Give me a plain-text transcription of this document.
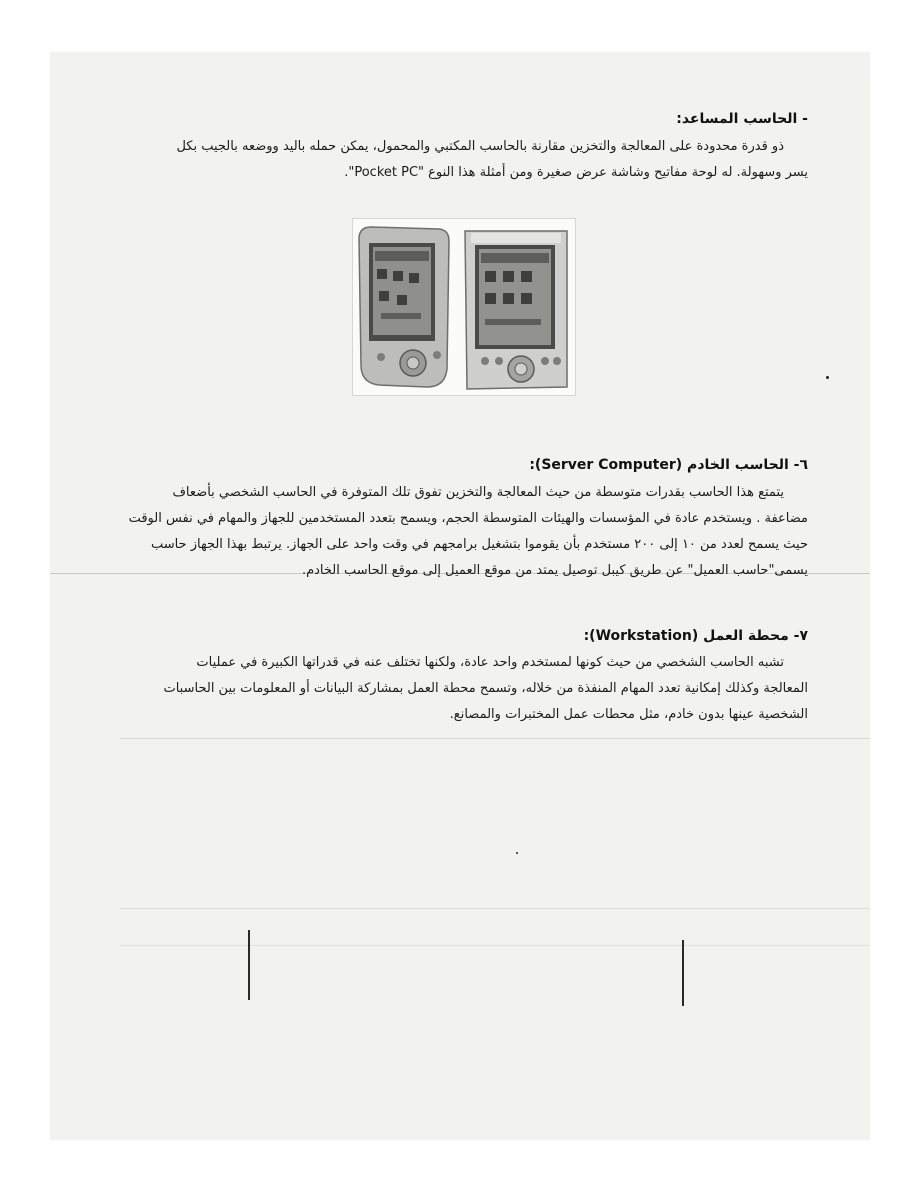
- الحاسب المساعد:
ذو قدرة محدودة على المعالجة والتخزين مقارنة بالحاسب المكتبي والمحمول، يمكن حمله باليد ووضعه بالجيب بكل
يسر وسهولة. له لوحة مفاتيح وشاشة عرض صغيرة ومن أمثلة هذا النوع "Pocket PC".
٦- الحاسب الخادم (Server Computer):
يتمتع هذا الحاسب بقدرات متوسطة من حيث المعالجة والتخزين تفوق تلك المتوفرة في الحاسب الشخصي بأضعاف
مضاعفة . ويستخدم عادة في المؤسسات والهيئات المتوسطة الحجم، ويسمح بتعدد المستخدمين للجهاز والمهام في نفس الوقت
حيث يسمح لعدد من ١٠ إلى ٢٠٠ مستخدم بأن يقوموا بتشغيل برامجهم في وقت واحد على الجهاز. يرتبط بهذا الجهاز حاسب
يسمى"حاسب العميل" عن طريق كيبل توصيل يمتد من موقع العميل إلى موقع الحاسب الخادم.
٧- محطة العمل (Workstation):
تشبه الحاسب الشخصي من حيث كونها لمستخدم واحد عادة، ولكنها تختلف عنه في قدراتها الكبيرة في عمليات
المعالجة وكذلك إمكانية تعدد المهام المنفذة من خلاله، وتسمح محطة العمل بمشاركة البيانات أو المعلومات بين الحاسبات
الشخصية عينها بدون خادم، مثل محطات عمل المختبرات والمصانع.
